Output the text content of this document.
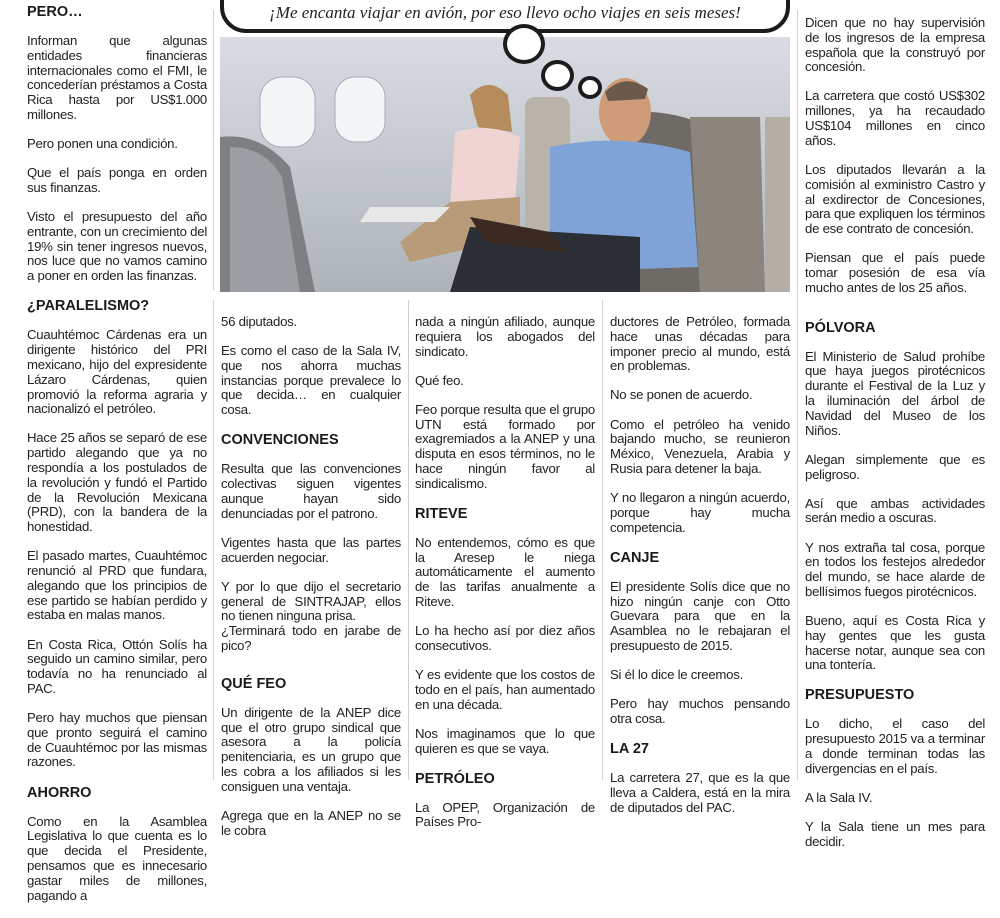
¡Me encanta viajar en avión, por eso llevo ocho viajes en seis meses!
PERO…

Informan que algunas entidades financieras internacionales como el FMI, le concederían préstamos a Costa Rica hasta por US$1.000 millones.

Pero ponen una condición.

Que el país ponga en orden sus finanzas.

Visto el presupuesto del año entrante, con un crecimiento del 19% sin tener ingresos nuevos, nos luce que no vamos camino a poner en orden las finanzas.

¿PARALELISMO?

Cuauhtémoc Cárdenas era un dirigente histórico del PRI mexicano, hijo del expresidente Lázaro Cárdenas, quien promovió la reforma agraria y nacionalizó el petróleo.

Hace 25 años se separó de ese partido alegando que ya no respondía a los postulados de la revolución y fundó el Partido de la Revolución Mexicana (PRD), con la bandera de la honestidad.

El pasado martes, Cuauhtémoc renunció al PRD que fundara, alegando que los principios de ese partido se habían perdido y estaba en malas manos.

En Costa Rica, Ottón Solís ha seguido un camino similar, pero todavía no ha renunciado al PAC.

Pero hay muchos que piensan que pronto seguirá el camino de Cuauhtémoc por las mismas razones.

AHORRO

Como en la Asamblea Legislativa lo que cuenta es lo que decida el Presidente, pensamos que es innecesario gastar miles de millones, pagando a

56 diputados.

Es como el caso de la Sala IV, que nos ahorra muchas instancias porque prevalece lo que decida… en cualquier cosa.

CONVENCIONES

Resulta que las convenciones colectivas siguen vigentes aunque hayan sido denunciadas por el patrono.

Vigentes hasta que las partes acuerden negociar.

Y por lo que dijo el secretario general de SINTRAJAP, ellos no tienen ninguna prisa.

¿Terminará todo en jarabe de pico?

QUÉ FEO

Un dirigente de la ANEP dice que el otro grupo sindical que asesora a la policía penitenciaria, es un grupo que les cobra a los afiliados si les consiguen una ventaja.

Agrega que en la ANEP no se le cobra

nada a ningún afiliado, aunque requiera los abogados del sindicato.

Qué feo.

Feo porque resulta que el grupo UTN está formado por exagremiados a la ANEP y una disputa en esos términos, no le hace ningún favor al sindicalismo.

RITEVE

No entendemos, cómo es que la Aresep le niega automáticamente el aumento de las tarifas anualmente a Riteve.

Lo ha hecho así por diez años consecutivos.

Y es evidente que los costos de todo en el país, han aumentado en una década.

Nos imaginamos que lo que quieren es que se vaya.

PETRÓLEO

La OPEP, Organización de Países Pro-

ductores de Petróleo, formada hace unas décadas para imponer precio al mundo, está en problemas.

No se ponen de acuerdo.

Como el petróleo ha venido bajando mucho, se reunieron México, Venezuela, Arabia y Rusia para detener la baja.

Y no llegaron a ningún acuerdo, porque hay mucha competencia.

CANJE

El presidente Solís dice que no hizo ningún canje con Otto Guevara para que en la Asamblea no le rebajaran el presupuesto de 2015.

Si él lo dice le creemos.

Pero hay muchos pensando otra cosa.

LA 27

La carretera 27, que es la que lleva a Caldera, está en la mira de diputados del PAC.

Dicen que no hay supervisión de los ingresos de la empresa española que la construyó por concesión.

La carretera que costó US$302 millones, ya ha recaudado US$104 millones en cinco años.

Los diputados llevarán a la comisión al exministro Castro y al exdirector de Concesiones, para que expliquen los términos de ese contrato de concesión.

Piensan que el país puede tomar posesión de esa vía mucho antes de los 25 años.

PÓLVORA

El Ministerio de Salud prohíbe que haya juegos pirotécnicos durante el Festival de la Luz y la iluminación del árbol de Navidad del Museo de los Niños.

Alegan simplemente que es peligroso.

Así que ambas actividades serán medio a oscuras.

Y nos extraña tal cosa, porque en todos los festejos alrededor del mundo, se hace alarde de bellísimos fuegos pirotécnicos.

Bueno, aquí es Costa Rica y hay gentes que les gusta hacerse notar, aunque sea con una tontería.

PRESUPUESTO

Lo dicho, el caso del presupuesto 2015 va a terminar a donde terminan todas las divergencias en el país.

A la Sala IV.

Y la Sala tiene un mes para decidir.
